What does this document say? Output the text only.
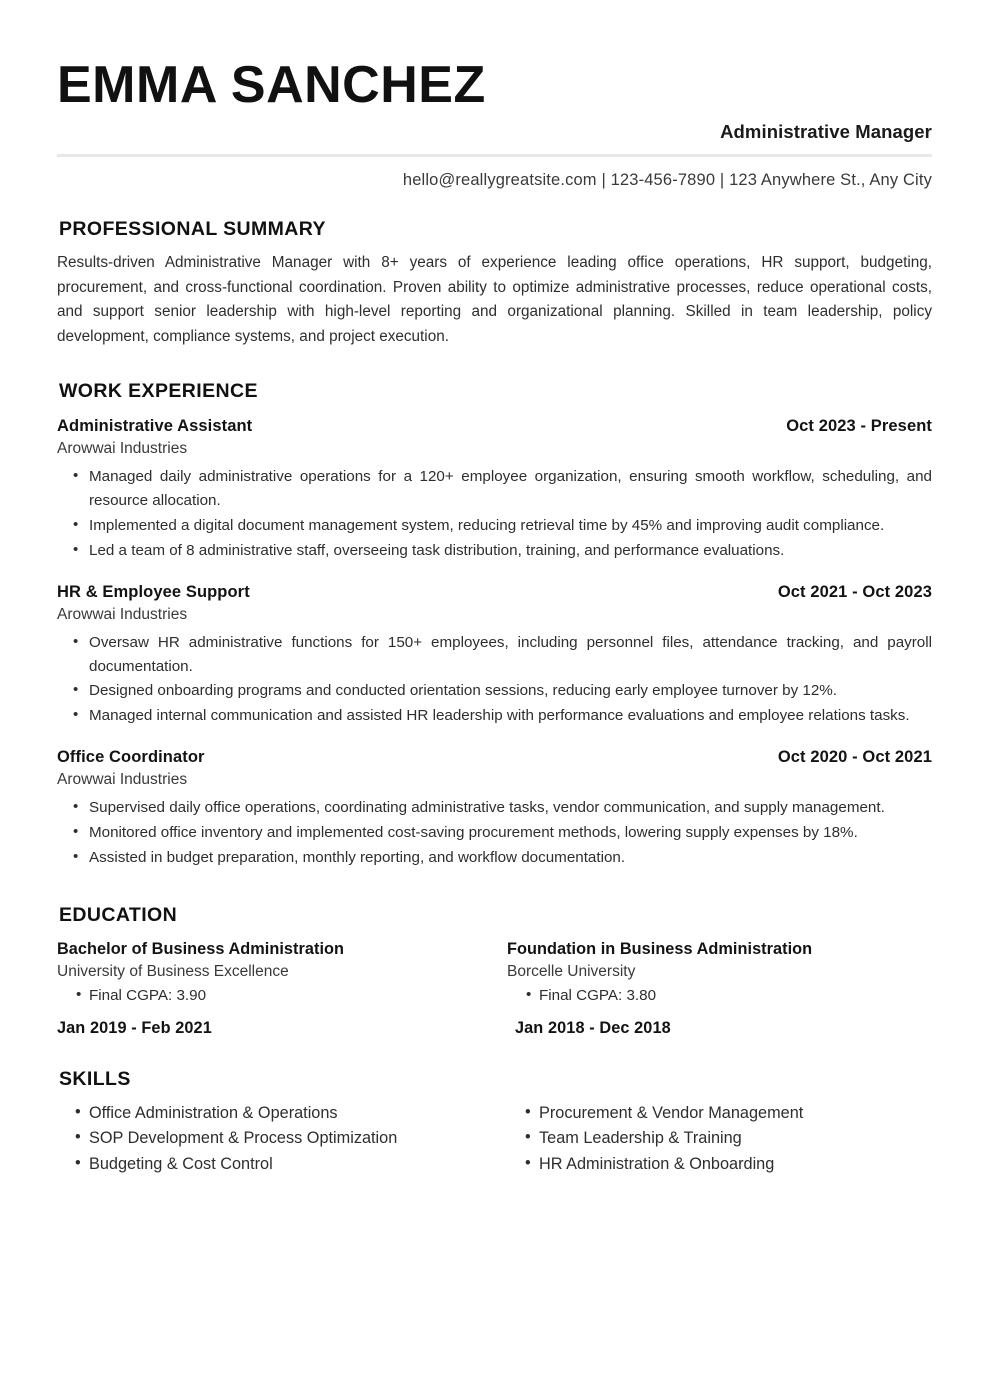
EMMA SANCHEZ
Administrative Manager
hello@reallygreatsite.com | 123-456-7890 | 123 Anywhere St., Any City
PROFESSIONAL SUMMARY

Results-driven Administrative Manager with 8+ years of experience leading office operations, HR support, budgeting, procurement, and cross-functional coordination. Proven ability to optimize administrative processes, reduce operational costs, and support senior leadership with high-level reporting and organizational planning. Skilled in team leadership, policy development, compliance systems, and project execution.

WORK EXPERIENCE
Administrative Assistant	Oct 2023 - Present
Arowwai Industries
• Managed daily administrative operations for a 120+ employee organization, ensuring smooth workflow, scheduling, and resource allocation.
• Implemented a digital document management system, reducing retrieval time by 45% and improving audit compliance.
• Led a team of 8 administrative staff, overseeing task distribution, training, and performance evaluations.
HR & Employee Support	Oct 2021 - Oct 2023
Arowwai Industries
• Oversaw HR administrative functions for 150+ employees, including personnel files, attendance tracking, and payroll documentation.
• Designed onboarding programs and conducted orientation sessions, reducing early employee turnover by 12%.
• Managed internal communication and assisted HR leadership with performance evaluations and employee relations tasks.
Office Coordinator	Oct 2020 - Oct 2021
Arowwai Industries
• Supervised daily office operations, coordinating administrative tasks, vendor communication, and supply management.
• Monitored office inventory and implemented cost-saving procurement methods, lowering supply expenses by 18%.
• Assisted in budget preparation, monthly reporting, and workflow documentation.
EDUCATION
Bachelor of Business Administration
University of Business Excellence
• Final CGPA: 3.90
Jan 2019 - Feb 2021
Foundation in Business Administration
Borcelle University
• Final CGPA: 3.80
Jan 2018 - Dec 2018
SKILLS
• Office Administration & Operations
• SOP Development & Process Optimization
• Budgeting & Cost Control
• Procurement & Vendor Management
• Team Leadership & Training
• HR Administration & Onboarding
